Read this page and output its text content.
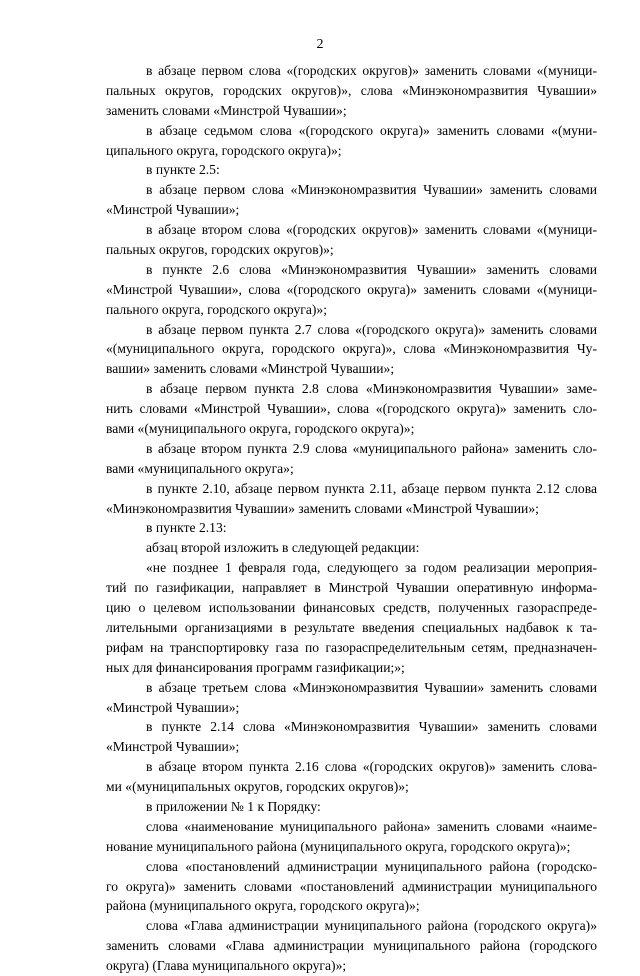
2
в абзаце первом слова «(городских округов)» заменить словами «(муници-
пальных округов, городских округов)», слова «Минэкономразвития Чувашии»
заменить словами «Минстрой Чувашии»;
в абзаце седьмом слова «(городского округа)» заменить словами «(муни-
ципального округа, городского округа)»;
в пункте 2.5:
в абзаце первом слова «Минэкономразвития Чувашии» заменить словами
«Минстрой Чувашии»;
в абзаце втором слова «(городских округов)» заменить словами «(муници-
пальных округов, городских округов)»;
в пункте 2.6 слова «Минэкономразвития Чувашии» заменить словами
«Минстрой Чувашии», слова «(городского округа)» заменить словами «(муници-
пального округа, городского округа)»;
в абзаце первом пункта 2.7 слова «(городского округа)» заменить словами
«(муниципального округа, городского округа)», слова «Минэкономразвития Чу-
вашии» заменить словами «Минстрой Чувашии»;
в абзаце первом пункта 2.8 слова «Минэкономразвития Чувашии» заме-
нить словами «Минстрой Чувашии», слова «(городского округа)» заменить сло-
вами «(муниципального округа, городского округа)»;
в абзаце втором пункта 2.9 слова «муниципального района» заменить сло-
вами «муниципального округа»;
в пункте 2.10, абзаце первом пункта 2.11, абзаце первом пункта 2.12 слова
«Минэкономразвития Чувашии» заменить словами «Минстрой Чувашии»;
в пункте 2.13:
абзац второй изложить в следующей редакции:
«не позднее 1 февраля года, следующего за годом реализации мероприя-
тий по газификации, направляет в Минстрой Чувашии оперативную информа-
цию о целевом использовании финансовых средств, полученных газораспреде-
лительными организациями в результате введения специальных надбавок к та-
рифам на транспортировку газа по газораспределительным сетям, предназначен-
ных для финансирования программ газификации;»;
в абзаце третьем слова «Минэкономразвития Чувашии» заменить словами
«Минстрой Чувашии»;
в пункте 2.14 слова «Минэкономразвития Чувашии» заменить словами
«Минстрой Чувашии»;
в абзаце втором пункта 2.16 слова «(городских округов)» заменить слова-
ми «(муниципальных округов, городских округов)»;
в приложении № 1 к Порядку:
слова «наименование муниципального района» заменить словами «наиме-
нование муниципального района (муниципального округа, городского округа)»;
слова «постановлений администрации муниципального района (городско-
го округа)» заменить словами «постановлений администрации муниципального
района (муниципального округа, городского округа)»;
слова «Глава администрации муниципального района (городского округа)»
заменить словами «Глава администрации муниципального района (городского
округа) (Глава муниципального округа)»;
